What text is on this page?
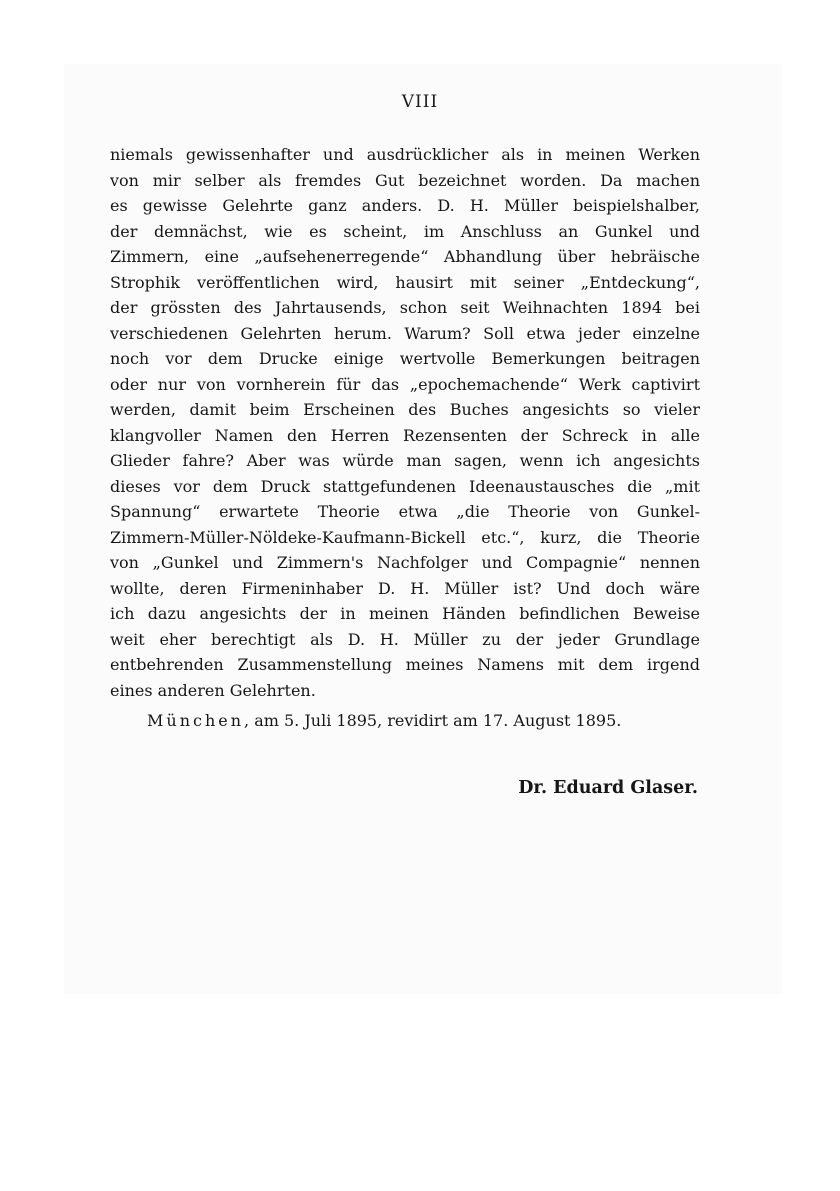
VIII
niemals gewissenhafter und ausdrücklicher als in meinen Werken
von mir selber als fremdes Gut bezeichnet worden. Da machen
es gewisse Gelehrte ganz anders. D. H. Müller beispielshalber,
der demnächst, wie es scheint, im Anschluss an Gunkel und
Zimmern, eine „aufsehenerregende“ Abhandlung über hebräische
Strophik veröffentlichen wird, hausirt mit seiner „Entdeckung“,
der grössten des Jahrtausends, schon seit Weihnachten 1894 bei
verschiedenen Gelehrten herum. Warum? Soll etwa jeder einzelne
noch vor dem Drucke einige wertvolle Bemerkungen beitragen
oder nur von vornherein für das „epochemachende“ Werk captivirt
werden, damit beim Erscheinen des Buches angesichts so vieler
klangvoller Namen den Herren Rezensenten der Schreck in alle
Glieder fahre? Aber was würde man sagen, wenn ich angesichts
dieses vor dem Druck stattgefundenen Ideenaustausches die „mit
Spannung“ erwartete Theorie etwa „die Theorie von Gunkel-
Zimmern-Müller-Nöldeke-Kaufmann-Bickell etc.“, kurz, die Theorie
von „Gunkel und Zimmern's Nachfolger und Compagnie“ nennen
wollte, deren Firmeninhaber D. H. Müller ist? Und doch wäre
ich dazu angesichts der in meinen Händen befindlichen Beweise
weit eher berechtigt als D. H. Müller zu der jeder Grundlage
entbehrenden Zusammenstellung meines Namens mit dem irgend
eines anderen Gelehrten.
München, am 5. Juli 1895, revidirt am 17. August 1895.
Dr. Eduard Glaser.
